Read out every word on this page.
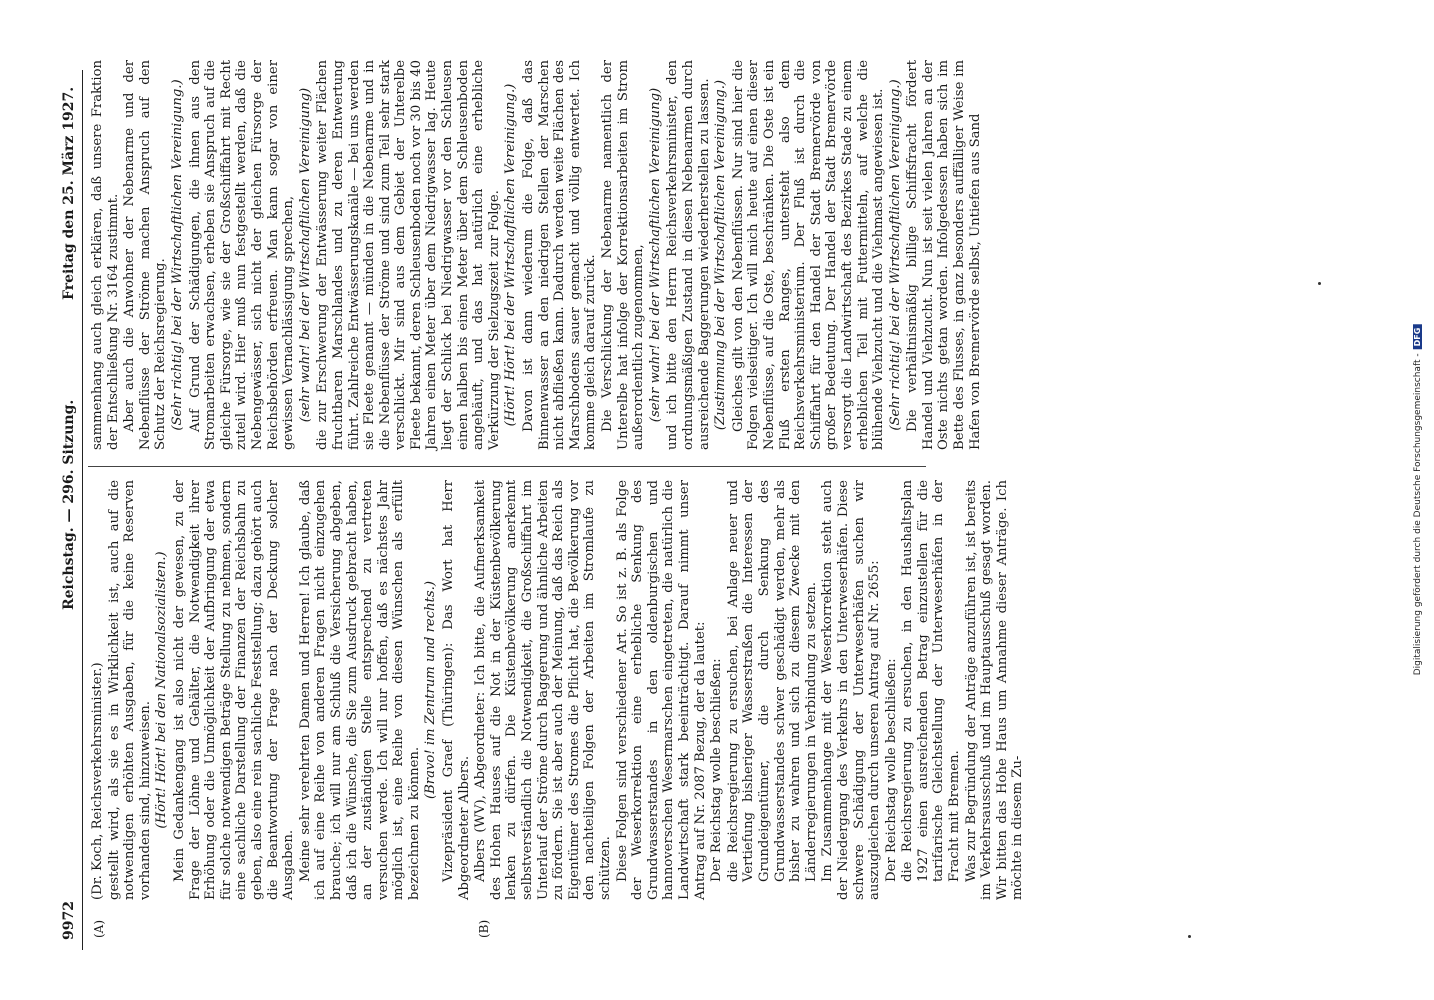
9972
Reichstag. — 296. Sitzung.
Freitag den 25. März 1927.
(A)	(B)

(Dr. Koch, Reichsverkehrsminister.) gestellt wird, als sie es in Wirklichkeit ist, auch auf die notwendigen erhöhten Ausgaben, für die keine Reserven vorhanden sind, hinzuweisen. (Hört! Hört! bei den Nationalsozialisten.) Mein Gedankengang ist also nicht der gewesen, zu der Frage der Löhne und Gehälter, die Notwendigkeit ihrer Erhöhung oder die Unmöglichkeit der Aufbringung der etwa für solche notwendigen Beträge Stellung zu nehmen, sondern eine sachliche Darstellung der Finanzen der Reichsbahn zu geben, also eine rein sachliche Feststellung; dazu gehört auch die Beantwortung der Frage nach der Deckung solcher Ausgaben. Meine sehr verehrten Damen und Herren! Ich glaube, daß ich auf eine Reihe von anderen Fragen nicht einzugehen brauche; ich will nur am Schluß die Versicherung abgeben, daß ich die Wünsche, die Sie zum Ausdruck gebracht haben, an der zuständigen Stelle entsprechend zu vertreten versuchen werde. Ich will nur hoffen, daß es nächstes Jahr möglich ist, eine Reihe von diesen Wünschen als erfüllt bezeichnen zu können.

(Bravo! im Zentrum und rechts.) Vizepräsident Graef (Thüringen): Das Wort hat Herr Abgeordneter Albers. Albers (WV), Abgeordneter: Ich bitte, die Aufmerksamkeit des Hohen Hauses auf die Not in der Küstenbevölkerung lenken zu dürfen. Die Küstenbevölkerung anerkennt selbstverständlich die Notwendigkeit, die Großschiffahrt im Unterlauf der Ströme durch Baggerung und ähnliche Arbeiten zu fördern. Sie ist aber auch der Meinung, daß das Reich als Eigentümer des Stromes die Pflicht hat, die Bevölkerung vor den nachteiligen Folgen der Arbeiten im Stromlaufe zu schützen. Diese Folgen sind verschiedener Art. So ist z. B. als Folge der Weserkorrektion eine erhebliche Senkung des Grundwasserstandes in den oldenburgischen und hannoverschen Wesermarschen eingetreten, die natürlich die Landwirtschaft stark beeinträchtigt. Darauf nimmt unser Antrag auf Nr. 2087 Bezug, der da lautet: Der Reichstag wolle beschließen: die Reichsregierung zu ersuchen, bei Anlage neuer und Vertiefung bisheriger Wasserstraßen die Interessen der Grundeigentümer, die durch Senkung des Grundwasserstandes schwer geschädigt werden, mehr als bisher zu wahren und sich zu diesem Zwecke mit den Länderregierungen in Verbindung zu setzen. Im Zusammenhange mit der Weserkorrektion steht auch der Niedergang des Verkehrs in den Unterweserhäfen. Diese schwere Schädigung der Unterweserhäfen suchen wir auszugleichen durch unseren Antrag auf Nr. 2655: Der Reichstag wolle beschließen: die Reichsregierung zu ersuchen, in den Haushaltsplan 1927 einen ausreichenden Betrag einzustellen für die tarifarische Gleichstellung der Unterweserhäfen in der Fracht mit Bremen. Was zur Begründung der Anträge anzuführen ist, ist bereits im Verkehrsausschuß und im Hauptausschuß gesagt worden. Wir bitten das Hohe Haus um Annahme dieser Anträge. Ich möchte in diesem Zu-

sammenhang auch gleich erklären, daß unsere Fraktion der Entschließung Nr. 3164 zustimmt. Aber auch die Anwohner der Nebenarme und der Nebenflüsse der Ströme machen Anspruch auf den Schutz der Reichsregierung. (Sehr richtig! bei der Wirtschaftlichen Vereinigung.) Auf Grund der Schädigungen, die ihnen aus den Stromarbeiten erwachsen, erheben sie Anspruch auf die gleiche Fürsorge, wie sie der Großschiffahrt mit Recht zuteil wird. Hier muß nun festgestellt werden, daß die Nebengewässer, sich nicht der gleichen Fürsorge der Reichsbehörden erfreuen. Man kann sogar von einer gewissen Vernachlässigung sprechen, (sehr wahr! bei der Wirtschaftlichen Vereinigung) die zur Erschwerung der Entwässerung weiter Flächen fruchtbaren Marschlandes und zu deren Entwertung führt. Zahlreiche Entwässerungskanäle — bei uns werden sie Fleete genannt — münden in die Nebenarme und in die Nebenflüsse der Ströme und sind zum Teil sehr stark verschlickt. Mir sind aus dem Gebiet der Unterelbe Fleete bekannt, deren Schleusenboden noch vor 30 bis 40 Jahren einen Meter über dem Niedrigwasser lag. Heute liegt der Schlick bei Niedrigwasser vor den Schleusen einen halben bis einen Meter über dem Schleusenboden angehäuft, und das hat natürlich eine erhebliche Verkürzung der Sielzugszeit zur Folge. (Hört! Hört! bei der Wirtschaftlichen Vereinigung.) Davon ist dann wiederum die Folge, daß das Binnenwasser an den niedrigen Stellen der Marschen nicht abfließen kann. Dadurch werden weite Flächen des Marschbodens sauer gemacht und völlig entwertet. Ich komme gleich darauf zurück. Die Verschlickung der Nebenarme namentlich der Unterelbe hat infolge der Korrektionsarbeiten im Strom außerordentlich zugenommen, (sehr wahr! bei der Wirtschaftlichen Vereinigung) und ich bitte den Herrn Reichsverkehrsminister, den ordnungsmäßigen Zustand in diesen Nebenarmen durch ausreichende Baggerungen wiederherstellen zu lassen. (Zustimmung bei der Wirtschaftlichen Vereinigung.) Gleiches gilt von den Nebenflüssen. Nur sind hier die Folgen vielseitiger. Ich will mich heute auf einen dieser Nebenflüsse, auf die Oste, beschränken. Die Oste ist ein Fluß ersten Ranges, untersteht also dem Reichsverkehrsministerium. Der Fluß ist durch die Schiffahrt für den Handel der Stadt Bremervörde von großer Bedeutung. Der Handel der Stadt Bremervörde versorgt die Landwirtschaft des Bezirkes Stade zu einem erheblichen Teil mit Futtermitteln, auf welche die blühende Viehzucht und die Viehmast angewiesen ist. (Sehr richtig! bei der Wirtschaftlichen Vereinigung.) Die verhältnismäßig billige Schiffsfracht fördert Handel und Viehzucht. Nun ist seit vielen Jahren an der Oste nichts getan worden. Infolgedessen haben sich im Bette des Flusses, in ganz besonders auffälliger Weise im Hafen von Bremervörde selbst, Untiefen aus Sand

Digitalisierung gefördert durch die Deutsche Forschungsgemeinschaft -DFG
